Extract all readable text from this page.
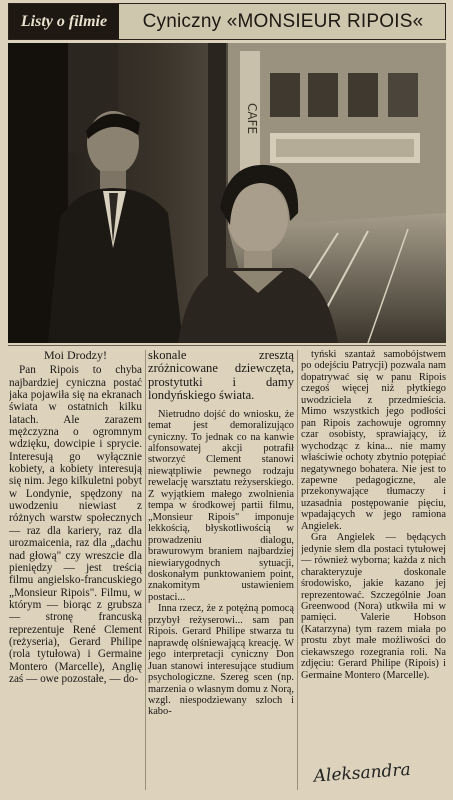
Listy o filmie	Cyniczny «MONSIEUR RIPOIS«
CAFE

Moi Drodzy!

Pan Ripois to chyba najbardziej cyniczna postać jaka pojawiła się na ekranach świata w ostatnich kilku latach. Ale zarazem mężczyzna o ogromnym wdzięku, dowcipie i sprycie. Interesują go wyłącznie kobiety, a kobiety interesują się nim. Jego kilkuletni pobyt w Londynie, spędzony na uwodzeniu niewiast z różnych warstw społecznych — raz dla kariery, raz dla urozmaicenia, raz dla „dachu nad głową" czy wreszcie dla pieniędzy — jest treścią filmu angielsko-francuskiego „Monsieur Ripois". Filmu, w którym — biorąc z grubsza — stronę francuską reprezentuje René Clement (reżyseria), Gerard Philipe (rola tytułowa) i Germaine Montero (Marcelle), Anglię zaś — owe pozostałe, — do-

skonale zresztą zróżnicowane dziewczęta, prostytutki i damy londyńskiego świata.

Nietrudno dojść do wniosku, że temat jest demoralizująco cyniczny. To jednak co na kanwie alfonsowatej akcji potrafił stworzyć Clement stanowi niewątpliwie pewnego rodzaju rewelację warsztatu reżyserskiego. Z wyjątkiem małego zwolnienia tempa w środkowej partii filmu, „Monsieur Ripois" imponuje lekkością, błyskotliwością w prowadzeniu dialogu, brawurowym braniem najbardziej niewiarygodnych sytuacji, doskonałym punktowaniem point, znakomitym ustawieniem postaci...

Inna rzecz, że z potężną pomocą przybył reżyserowi... sam pan Ripois. Gerard Philipe stwarza tu naprawdę olśniewającą kreację. W jego interpretacji cyniczny Don Juan stanowi interesujące studium psychologiczne. Szereg scen (np. marzenia o własnym domu z Norą, wzgl. niespodziewany szloch i kabo-

tyński szantaż samobójstwem po odejściu Patrycji) pozwala nam dopatrywać się w panu Ripois czegoś więcej niż płytkiego uwodziciela z przedmieścia. Mimo wszystkich jego podłości pan Ripois zachowuje ogromny czar osobisty, sprawiający, iż wychodząc z kina... nie mamy właściwie ochoty zbytnio potępiać negatywnego bohatera. Nie jest to zapewne pedagogiczne, ale przekonywające tłumaczy i uzasadnia postępowanie pięciu, wpadających w jego ramiona Angielek.

Gra Angielek — będących jedynie słem dla postaci tytułowej — również wyborna; każda z nich charakteryzuje doskonale środowisko, jakie kazano jej reprezentować. Szczególnie Joan Greenwood (Nora) utkwiła mi w pamięci. Valerie Hobson (Katarzyna) tym razem miała po prostu zbyt małe możliwości do ciekawszego rozegrania roli. Na zdjęciu: Gerard Philipe (Ripois) i Germaine Montero (Marcelle).

Aleksandra
